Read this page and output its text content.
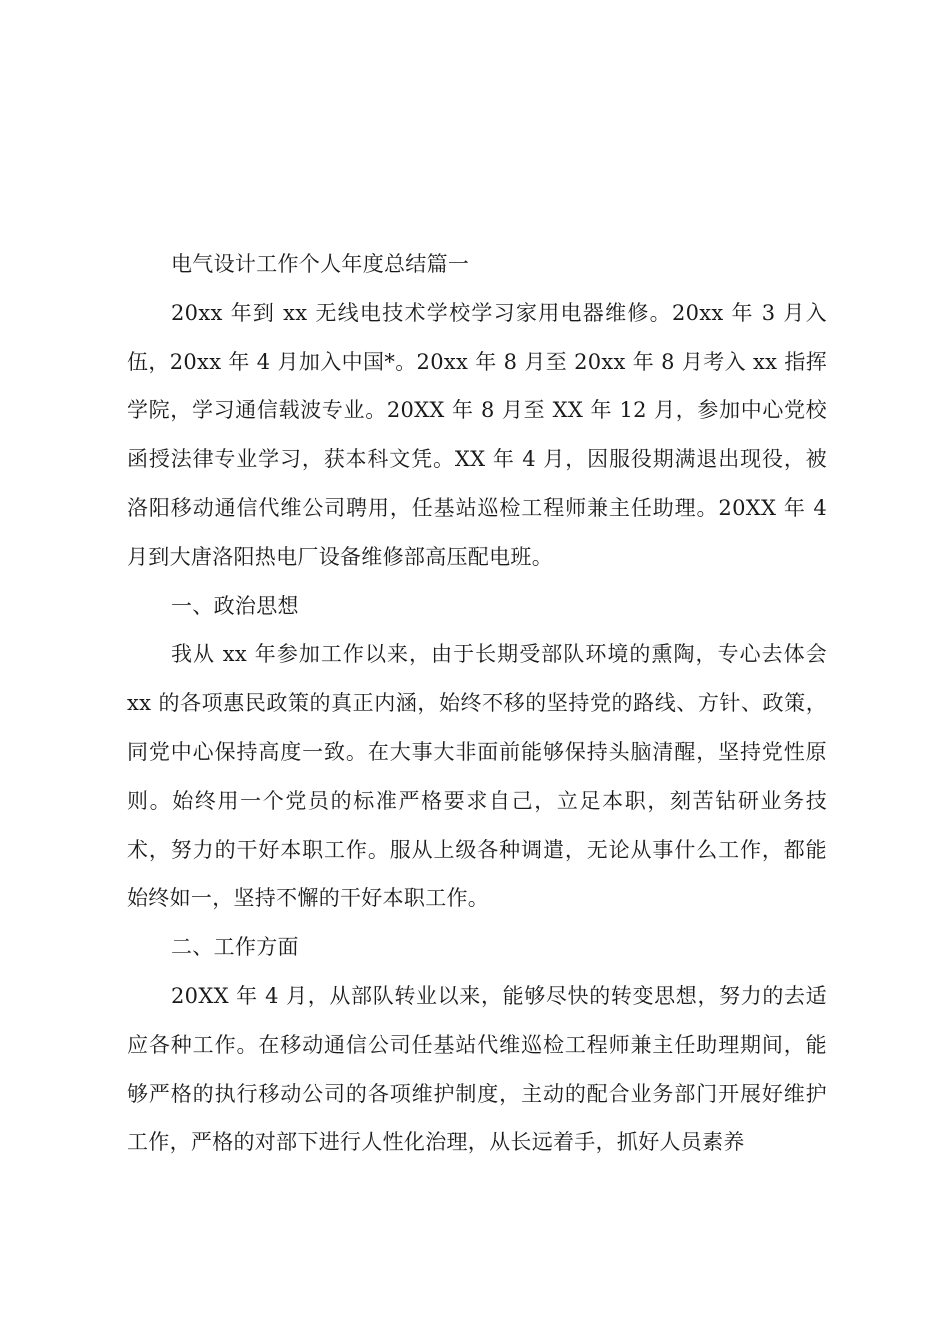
电气设计工作个人年度总结篇一

20xx 年到 xx 无线电技术学校学习家用电器维修。20xx 年 3 月入伍，20xx 年 4 月加入中国*。20xx 年 8 月至 20xx 年 8 月考入 xx 指挥学院，学习通信载波专业。20XX 年 8 月至 XX 年 12 月，参加中心党校函授法律专业学习，获本科文凭。XX 年 4 月，因服役期满退出现役，被洛阳移动通信代维公司聘用，任基站巡检工程师兼主任助理。20XX 年 4 月到大唐洛阳热电厂设备维修部高压配电班。

一、政治思想

我从 xx 年参加工作以来，由于长期受部队环境的熏陶，专心去体会 xx 的各项惠民政策的真正内涵，始终不移的坚持党的路线、方针、政策，同党中心保持高度一致。在大事大非面前能够保持头脑清醒，坚持党性原则。始终用一个党员的标准严格要求自己，立足本职，刻苦钻研业务技术，努力的干好本职工作。服从上级各种调遣，无论从事什么工作，都能始终如一，坚持不懈的干好本职工作。

二、工作方面

20XX 年 4 月，从部队转业以来，能够尽快的转变思想，努力的去适应各种工作。在移动通信公司任基站代维巡检工程师兼主任助理期间，能够严格的执行移动公司的各项维护制度，主动的配合业务部门开展好维护工作，严格的对部下进行人性化治理，从长远着手，抓好人员素养
